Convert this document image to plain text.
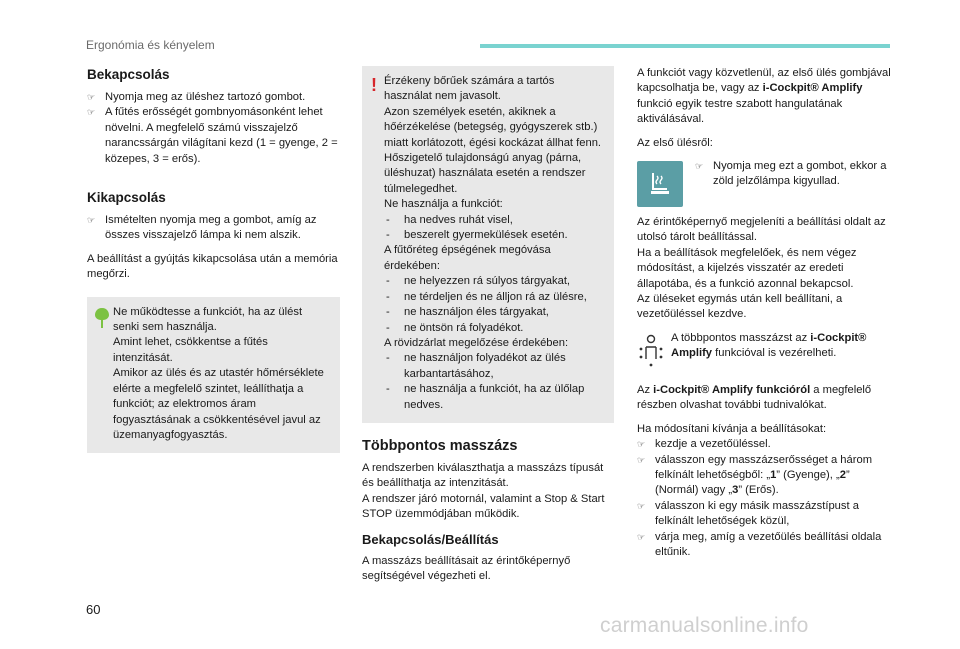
Ergonómia és kényelem
Bekapcsolás
☞ Nyomja meg az üléshez tartozó gombot.
☞ A fűtés erősségét gombnyomásonként lehet növelni. A megfelelő számú visszajelző narancssárgán világítani kezd (1 = gyenge, 2 = közepes, 3 = erős).
Kikapcsolás
☞ Ismételten nyomja meg a gombot, amíg az összes visszajelző lámpa ki nem alszik.

A beállítást a gyújtás kikapcsolása után a memória megőrzi.

Ne működtesse a funkciót, ha az ülést senki sem használja.

Amint lehet, csökkentse a fűtés intenzitását.

Amikor az ülés és az utastér hőmérséklete elérte a megfelelő szintet, leállíthatja a funkciót; az elektromos áram fogyasztásának a csökkentésével javul az üzemanyagfogyasztás.

! Érzékeny bőrűek számára a tartós használat nem javasolt.

Azon személyek esetén, akiknek a hőérzékelése (betegség, gyógyszerek stb.) miatt korlátozott, égési kockázat állhat fenn.

Hőszigetelő tulajdonságú anyag (párna, üléshuzat) használata esetén a rendszer túlmelegedhet.

Ne használja a funkciót:

- ha nedves ruhát visel,
- beszerelt gyermekülések esetén.

A fűtőréteg épségének megóvása érdekében:

- ne helyezzen rá súlyos tárgyakat,
- ne térdeljen és ne álljon rá az ülésre,
- ne használjon éles tárgyakat,
- ne öntsön rá folyadékot.

A rövidzárlat megelőzése érdekében:

- ne használjon folyadékot az ülés karbantartásához,
- ne használja a funkciót, ha az ülőlap nedves.
Többpontos masszázs

A rendszerben kiválaszthatja a masszázs típusát és beállíthatja az intenzitását.

A rendszer járó motornál, valamint a Stop & Start STOP üzemmódjában működik.

Bekapcsolás/Beállítás

A masszázs beállításait az érintőképernyő segítségével végezheti el.

A funkciót vagy közvetlenül, az első ülés gombjával kapcsolhatja be, vagy az i-Cockpit® Amplify funkció egyik testre szabott hangulatának aktiválásával.

Az első ülésről:

☞ Nyomja meg ezt a gombot, ekkor a zöld jelzőlámpa kigyullad.

Az érintőképernyő megjeleníti a beállítási oldalt az utolsó tárolt beállítással.

Ha a beállítások megfelelőek, és nem végez módosítást, a kijelzés visszatér az eredeti állapotába, és a funkció azonnal bekapcsol.

Az üléseket egymás után kell beállítani, a vezetőüléssel kezdve.

A többpontos masszázst az i-Cockpit® Amplify funkcióval is vezérelheti.

Az i-Cockpit® Amplify funkcióról a megfelelő részben olvashat további tudnivalókat.

Ha módosítani kívánja a beállításokat:

☞ kezdje a vezetőüléssel.
☞ válasszon egy masszázserősséget a három felkínált lehetőségből: „1” (Gyenge), „2” (Normál) vagy „3” (Erős).
☞ válasszon ki egy másik masszázstípust a felkínált lehetőségek közül,
☞ várja meg, amíg a vezetőülés beállítási oldala eltűnik.
60
carmanualsonline.info
